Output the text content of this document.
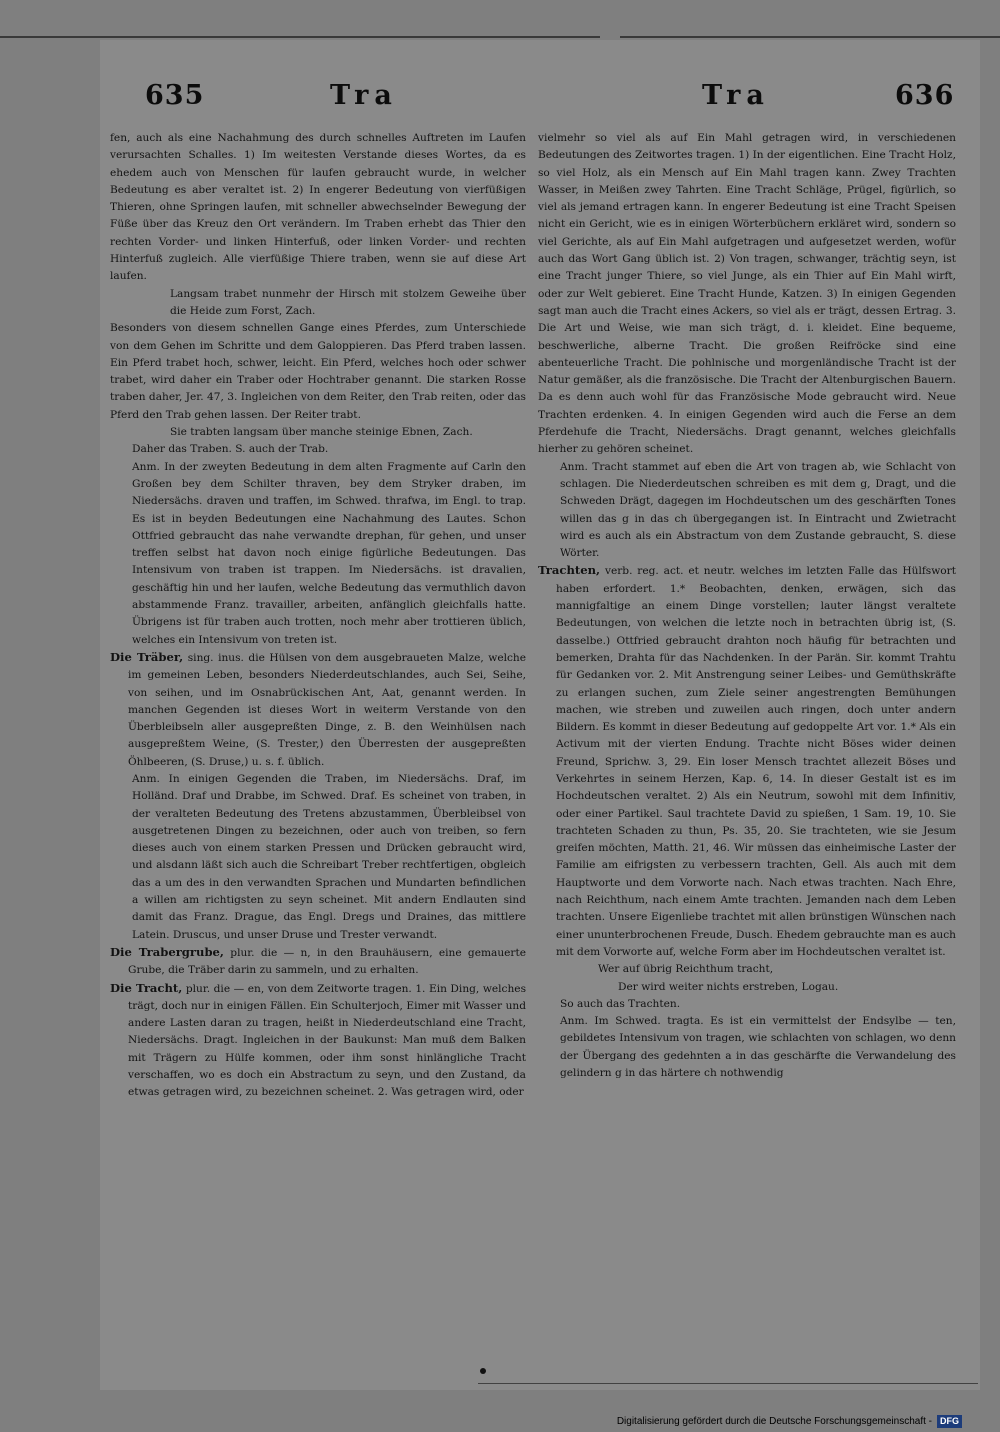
635	Tra	Tra	636

fen, auch als eine Nachahmung des durch schnelles Auftreten im Laufen verursachten Schalles. 1) Im weitesten Verstande dieses Wortes, da es ehedem auch von Menschen für laufen gebraucht wurde, in welcher Bedeutung es aber veraltet ist. 2) In engerer Bedeutung von vierfüßigen Thieren, ohne Springen laufen, mit schneller abwechselnder Bewegung der Füße über das Kreuz den Ort verändern. Im Traben erhebt das Thier den rechten Vorder- und linken Hinterfuß, oder linken Vorder- und rechten Hinterfuß zugleich. Alle vierfüßige Thiere traben, wenn sie auf diese Art laufen.

Langsam trabet nunmehr der Hirsch mit stolzem Geweihe über die Heide zum Forst, Zach.

Besonders von diesem schnellen Gange eines Pferdes, zum Unterschiede von dem Gehen im Schritte und dem Galoppieren. Das Pferd traben lassen. Ein Pferd trabet hoch, schwer, leicht. Ein Pferd, welches hoch oder schwer trabet, wird daher ein Traber oder Hochtraber genannt. Die starken Rosse traben daher, Jer. 47, 3. Ingleichen von dem Reiter, den Trab reiten, oder das Pferd den Trab gehen lassen. Der Reiter trabt.

Sie trabten langsam über manche steinige Ebnen, Zach.

Daher das Traben. S. auch der Trab.

Anm. In der zweyten Bedeutung in dem alten Fragmente auf Carln den Großen bey dem Schilter thraven, bey dem Stryker draben, im Niedersächs. draven und traffen, im Schwed. thrafwa, im Engl. to trap. Es ist in beyden Bedeutungen eine Nachahmung des Lautes. Schon Ottfried gebraucht das nahe verwandte drephan, für gehen, und unser treffen selbst hat davon noch einige figürliche Bedeutungen. Das Intensivum von traben ist trappen. Im Niedersächs. ist dravalien, geschäftig hin und her laufen, welche Bedeutung das vermuthlich davon abstammende Franz. travailler, arbeiten, anfänglich gleichfalls hatte. Übrigens ist für traben auch trotten, noch mehr aber trottieren üblich, welches ein Intensivum von treten ist.

Die Träber, sing. inus. die Hülsen von dem ausgebraueten Malze, welche im gemeinen Leben, besonders Niederdeutschlandes, auch Sei, Seihe, von seihen, und im Osnabrückischen Ant, Aat, genannt werden. In manchen Gegenden ist dieses Wort in weiterm Verstande von den Überbleibseln aller ausgepreßten Dinge, z. B. den Weinhülsen nach ausgepreßtem Weine, (S. Trester,) den Überresten der ausgepreßten Öhlbeeren, (S. Druse,) u. s. f. üblich.

Anm. In einigen Gegenden die Traben, im Niedersächs. Draf, im Holländ. Draf und Drabbe, im Schwed. Draf. Es scheinet von traben, in der veralteten Bedeutung des Tretens abzustammen, Überbleibsel von ausgetretenen Dingen zu bezeichnen, oder auch von treiben, so fern dieses auch von einem starken Pressen und Drücken gebraucht wird, und alsdann läßt sich auch die Schreibart Treber rechtfertigen, obgleich das a um des in den verwandten Sprachen und Mundarten befindlichen a willen am richtigsten zu seyn scheinet. Mit andern Endlauten sind damit das Franz. Drague, das Engl. Dregs und Draines, das mittlere Latein. Druscus, und unser Druse und Trester verwandt.

Die Trabergrube, plur. die — n, in den Brauhäusern, eine gemauerte Grube, die Träber darin zu sammeln, und zu erhalten.

Die Tracht, plur. die — en, von dem Zeitworte tragen. 1. Ein Ding, welches trägt, doch nur in einigen Fällen. Ein Schulterjoch, Eimer mit Wasser und andere Lasten daran zu tragen, heißt in Niederdeutschland eine Tracht, Niedersächs. Dragt. Ingleichen in der Baukunst: Man muß dem Balken mit Trägern zu Hülfe kommen, oder ihm sonst hinlängliche Tracht verschaffen, wo es doch ein Abstractum zu seyn, und den Zustand, da etwas getragen wird, zu bezeichnen scheinet. 2. Was getragen wird, oder

vielmehr so viel als auf Ein Mahl getragen wird, in verschiedenen Bedeutungen des Zeitwortes tragen. 1) In der eigentlichen. Eine Tracht Holz, so viel Holz, als ein Mensch auf Ein Mahl tragen kann. Zwey Trachten Wasser, in Meißen zwey Tahrten. Eine Tracht Schläge, Prügel, figürlich, so viel als jemand ertragen kann. In engerer Bedeutung ist eine Tracht Speisen nicht ein Gericht, wie es in einigen Wörterbüchern erkläret wird, sondern so viel Gerichte, als auf Ein Mahl aufgetragen und aufgesetzet werden, wofür auch das Wort Gang üblich ist. 2) Von tragen, schwanger, trächtig seyn, ist eine Tracht junger Thiere, so viel Junge, als ein Thier auf Ein Mahl wirft, oder zur Welt gebieret. Eine Tracht Hunde, Katzen. 3) In einigen Gegenden sagt man auch die Tracht eines Ackers, so viel als er trägt, dessen Ertrag. 3. Die Art und Weise, wie man sich trägt, d. i. kleidet. Eine bequeme, beschwerliche, alberne Tracht. Die großen Reifröcke sind eine abenteuerliche Tracht. Die pohlnische und morgenländische Tracht ist der Natur gemäßer, als die französische. Die Tracht der Altenburgischen Bauern. Da es denn auch wohl für das Französische Mode gebraucht wird. Neue Trachten erdenken. 4. In einigen Gegenden wird auch die Ferse an dem Pferdehufe die Tracht, Niedersächs. Dragt genannt, welches gleichfalls hierher zu gehören scheinet.

Anm. Tracht stammet auf eben die Art von tragen ab, wie Schlacht von schlagen. Die Niederdeutschen schreiben es mit dem g, Dragt, und die Schweden Drägt, dagegen im Hochdeutschen um des geschärften Tones willen das g in das ch übergegangen ist. In Eintracht und Zwietracht wird es auch als ein Abstractum von dem Zustande gebraucht, S. diese Wörter.

Trachten, verb. reg. act. et neutr. welches im letzten Falle das Hülfswort haben erfordert. 1.* Beobachten, denken, erwägen, sich das mannigfaltige an einem Dinge vorstellen; lauter längst veraltete Bedeutungen, von welchen die letzte noch in betrachten übrig ist, (S. dasselbe.) Ottfried gebraucht drahton noch häufig für betrachten und bemerken, Drahta für das Nachdenken. In der Parän. Sir. kommt Trahtu für Gedanken vor. 2. Mit Anstrengung seiner Leibes- und Gemüthskräfte zu erlangen suchen, zum Ziele seiner angestrengten Bemühungen machen, wie streben und zuweilen auch ringen, doch unter andern Bildern. Es kommt in dieser Bedeutung auf gedoppelte Art vor. 1.* Als ein Activum mit der vierten Endung. Trachte nicht Böses wider deinen Freund, Sprichw. 3, 29. Ein loser Mensch trachtet allezeit Böses und Verkehrtes in seinem Herzen, Kap. 6, 14. In dieser Gestalt ist es im Hochdeutschen veraltet. 2) Als ein Neutrum, sowohl mit dem Infinitiv, oder einer Partikel. Saul trachtete David zu spießen, 1 Sam. 19, 10. Sie trachteten Schaden zu thun, Ps. 35, 20. Sie trachteten, wie sie Jesum greifen möchten, Matth. 21, 46. Wir müssen das einheimische Laster der Familie am eifrigsten zu verbessern trachten, Gell. Als auch mit dem Hauptworte und dem Vorworte nach. Nach etwas trachten. Nach Ehre, nach Reichthum, nach einem Amte trachten. Jemanden nach dem Leben trachten. Unsere Eigenliebe trachtet mit allen brünstigen Wünschen nach einer ununterbrochenen Freude, Dusch. Ehedem gebrauchte man es auch mit dem Vorworte auf, welche Form aber im Hochdeutschen veraltet ist.

Wer auf übrig Reichthum tracht,

Der wird weiter nichts erstreben, Logau.

So auch das Trachten.

Anm. Im Schwed. tragta. Es ist ein vermittelst der Endsylbe — ten, gebildetes Intensivum von tragen, wie schlachten von schlagen, wo denn der Übergang des gedehnten a in das geschärfte die Verwandelung des gelindern g in das härtere ch nothwendig

Digitalisierung gefördert durch die Deutsche Forschungsgemeinschaft - DFG
